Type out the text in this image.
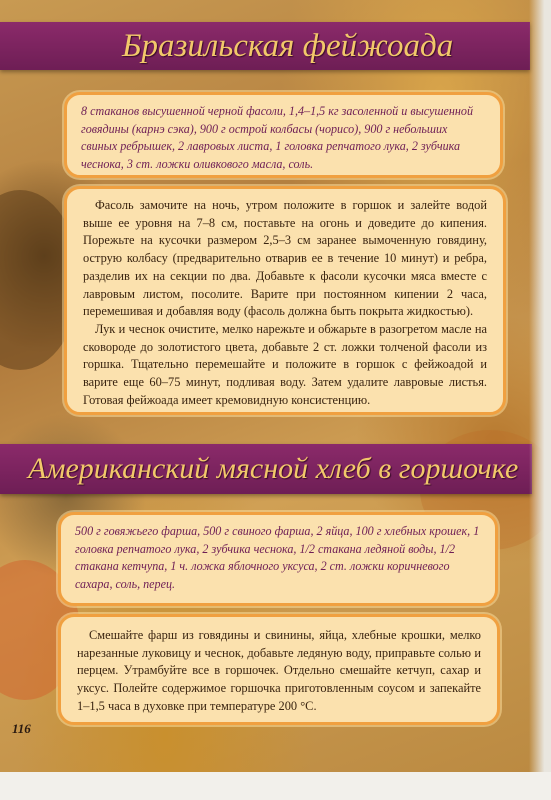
Бразильская фейжоада
8 стаканов высушенной черной фасоли, 1,4–1,5 кг засоленной и высушенной говядины (карнэ сэка), 900 г острой колбасы (чорисо), 900 г небольших свиных ребрышек, 2 лавровых листа, 1 головка репчатого лука, 2 зубчика чеснока, 3 ст. ложки оливкового масла, соль.

Фасоль замочите на ночь, утром положите в горшок и залейте водой выше ее уровня на 7–8 см, поставьте на огонь и доведите до кипения. Порежьте на кусочки размером 2,5–3 см заранее вымоченную говядину, острую колбасу (предварительно отварив ее в течение 10 минут) и ребра, разделив их на секции по два. Добавьте к фасоли кусочки мяса вместе с лавровым листом, посолите. Варите при постоянном кипении 2 часа, перемешивая и добавляя воду (фасоль должна быть покрыта жидкостью).

Лук и чеснок очистите, мелко нарежьте и обжарьте в разогретом масле на сковороде до золотистого цвета, добавьте 2 ст. ложки толченой фасоли из горшка. Тщательно перемешайте и положите в горшок с фейжоадой и варите еще 60–75 минут, подливая воду. Затем удалите лавровые листья. Готовая фейжоада имеет кремовидную консистенцию.

Американский мясной хлеб в горшочке
500 г говяжьего фарша, 500 г свиного фарша, 2 яйца, 100 г хлебных крошек, 1 головка репчатого лука, 2 зубчика чеснока, 1/2 стакана ледяной воды, 1/2 стакана кетчупа, 1 ч. ложка яблочного уксуса, 2 ст. ложки коричневого сахара, соль, перец.

Смешайте фарш из говядины и свинины, яйца, хлебные крошки, мелко нарезанные луковицу и чеснок, добавьте ледяную воду, приправьте солью и перцем. Утрамбуйте все в горшочек. Отдельно смешайте кетчуп, сахар и уксус. Полейте содержимое горшочка приготовленным соусом и запекайте 1–1,5 часа в духовке при температуре 200 °С.

116
